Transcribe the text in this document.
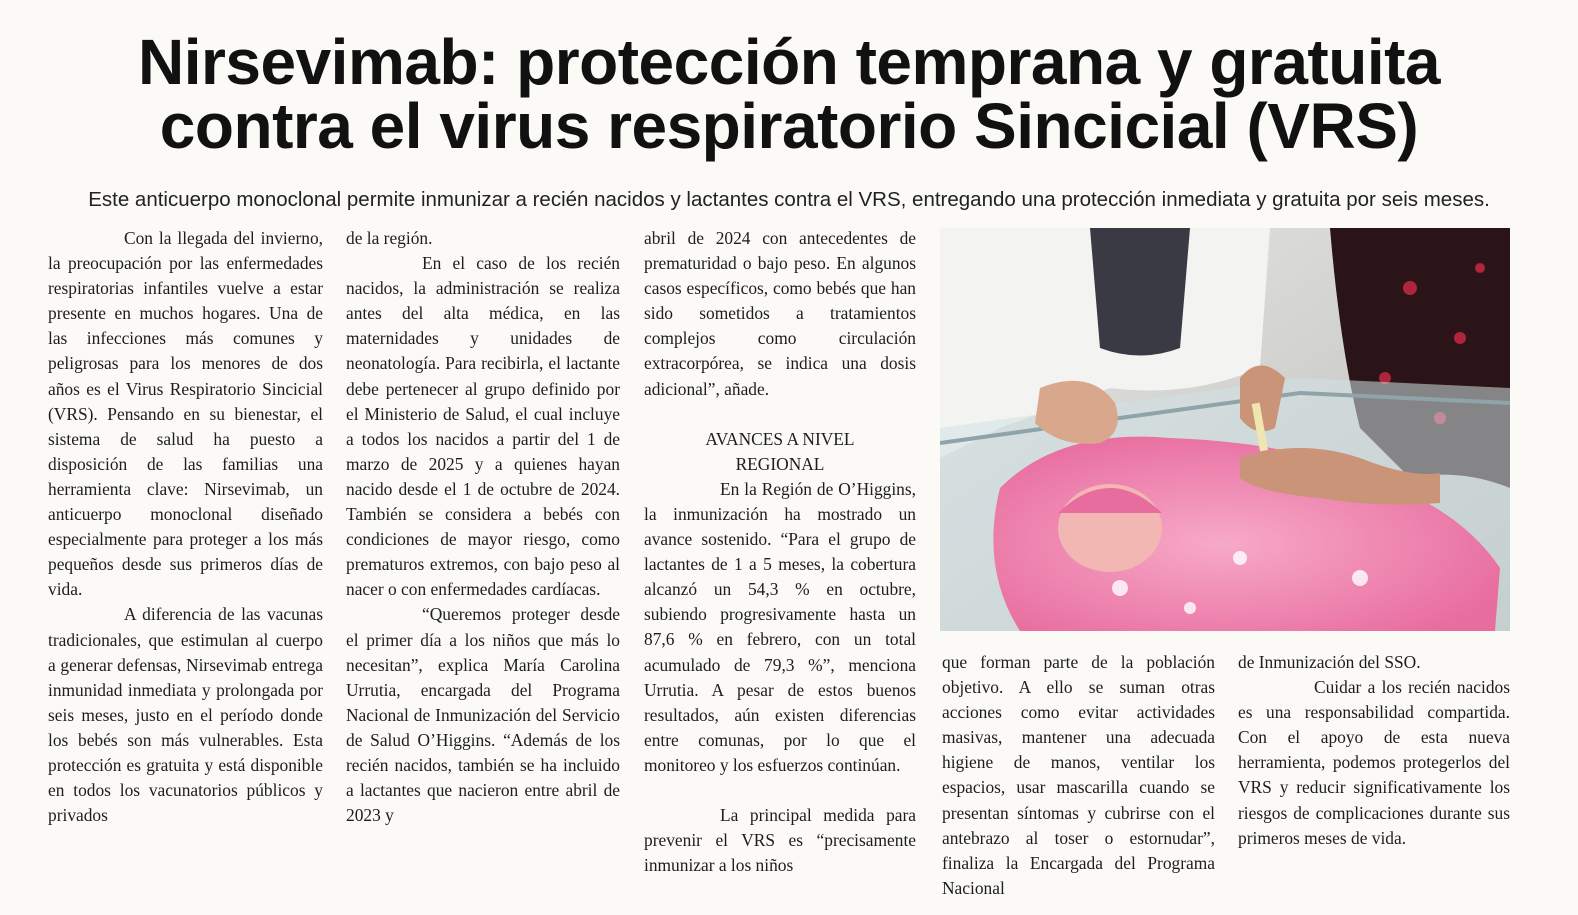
Nirsevimab: protección temprana y gratuita
contra el virus respiratorio Sincicial (VRS)

Este anticuerpo monoclonal permite inmunizar a recién nacidos y lactantes contra el VRS, entregando una protección inmediata y gratuita por seis meses.

Con la llegada del invierno, la preocupación por las enfermedades respiratorias infantiles vuelve a estar presente en muchos hogares. Una de las infecciones más comunes y peligrosas para los menores de dos años es el Virus Respiratorio Sincicial (VRS). Pensando en su bienestar, el sistema de salud ha puesto a disposición de las familias una herramienta clave: Nirsevimab, un anticuerpo monoclonal diseñado especialmente para proteger a los más pequeños desde sus primeros días de vida.

A diferencia de las vacunas tradicionales, que estimulan al cuerpo a generar defensas, Nirsevimab entrega inmunidad inmediata y prolongada por seis meses, justo en el período donde los bebés son más vulnerables. Esta protección es gratuita y está disponible en todos los vacunatorios públicos y privados

de la región.

En el caso de los recién nacidos, la administración se realiza antes del alta médica, en las maternidades y unidades de neonatología. Para recibirla, el lactante debe pertenecer al grupo definido por el Ministerio de Salud, el cual incluye a todos los nacidos a partir del 1 de marzo de 2025 y a quienes hayan nacido desde el 1 de octubre de 2024. También se considera a bebés con condiciones de mayor riesgo, como prematuros extremos, con bajo peso al nacer o con enfermedades cardíacas.

“Queremos proteger desde el primer día a los niños que más lo necesitan”, explica María Carolina Urrutia, encargada del Programa Nacional de Inmunización del Servicio de Salud O’Higgins. “Además de los recién nacidos, también se ha incluido a lactantes que nacieron entre abril de 2023 y

abril de 2024 con antecedentes de prematuridad o bajo peso. En algunos casos específicos, como bebés que han sido sometidos a tratamientos complejos como circulación extracorpórea, se indica una dosis adicional”, añade.

AVANCES A NIVEL
REGIONAL

En la Región de O’Higgins, la inmunización ha mostrado un avance sostenido. “Para el grupo de lactantes de 1 a 5 meses, la cobertura alcanzó un 54,3 % en octubre, subiendo progresivamente hasta un 87,6 % en febrero, con un total acumulado de 79,3 %”, menciona Urrutia. A pesar de estos buenos resultados, aún existen diferencias entre comunas, por lo que el monitoreo y los esfuerzos continúan.

La principal medida para prevenir el VRS es “precisamente inmunizar a los niños

que forman parte de la población objetivo. A ello se suman otras acciones como evitar actividades masivas, mantener una adecuada higiene de manos, ventilar los espacios, usar mascarilla cuando se presentan síntomas y cubrirse con el antebrazo al toser o estornudar”, finaliza la Encargada del Programa Nacional

de Inmunización del SSO.

Cuidar a los recién nacidos es una responsabilidad compartida. Con el apoyo de esta nueva herramienta, podemos protegerlos del VRS y reducir significativamente los riesgos de complicaciones durante sus primeros meses de vida.
